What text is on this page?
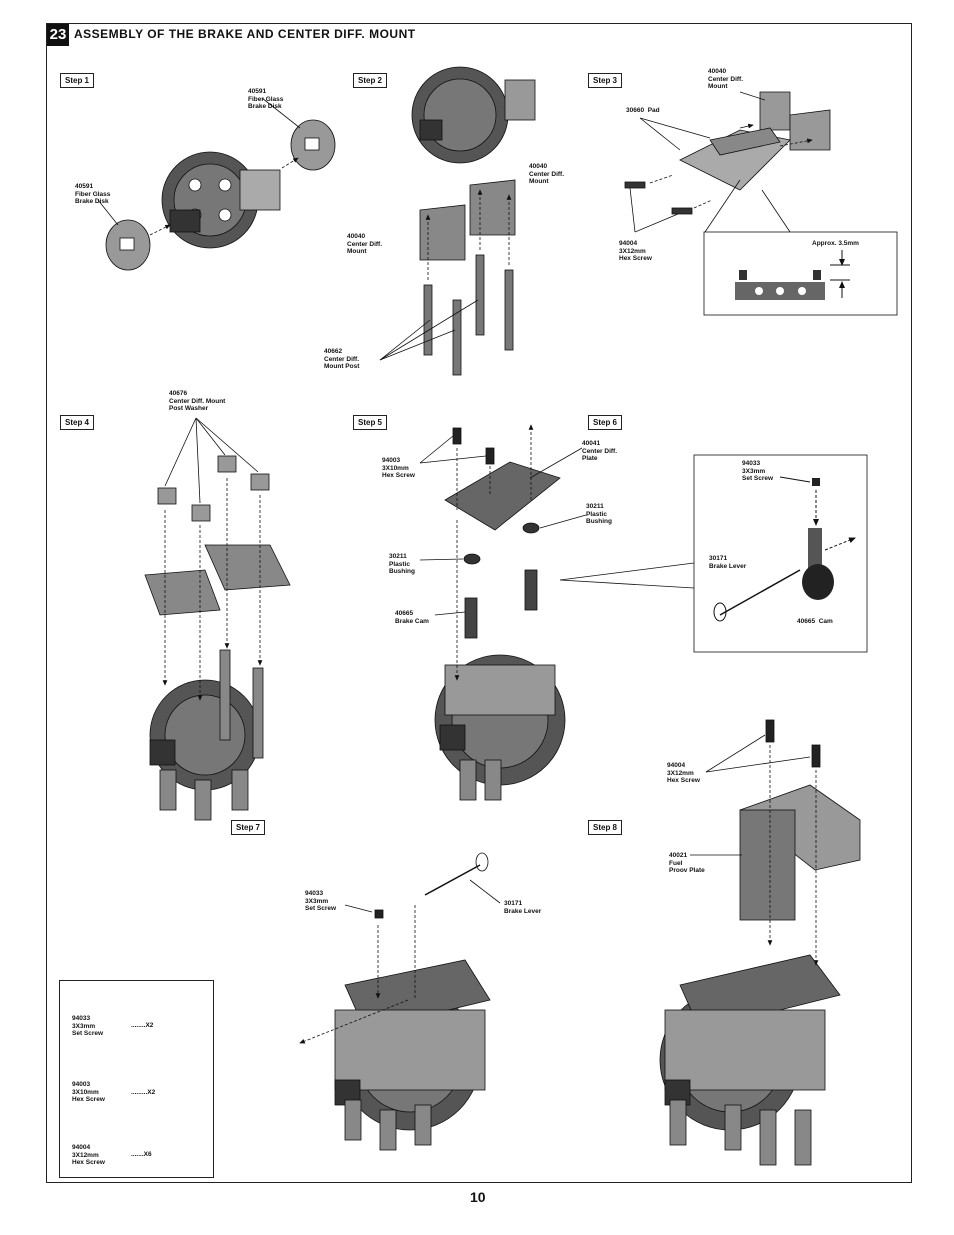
23 ASSEMBLY OF THE BRAKE AND CENTER DIFF. MOUNT
Step 1	Step 2	Step 3
Step 4	Step 5	Step 6
Step 7	Step 8
40591
Fiber Glass
Brake Disk
40591
Fiber Glass
Brake Disk
40040
Center Diff.
Mount
40040
Center Diff.
Mount
40662
Center Diff.
Mount Post
40040
Center Diff.
Mount
30660 Pad
94004
3X12mm
Hex Screw
Approx. 3.5mm
40676
Center Diff. Mount
Post Washer
94003
3X10mm
Hex Screw
40041
Center Diff.
Plate
30211
Plastic
Bushing
30211
Plastic
Bushing
40665
Brake Cam
94033
3X3mm
Set Screw
30171
Brake Lever
40665 Cam
94033
3X3mm
Set Screw
30171
Brake Lever
94004
3X12mm
Hex Screw
40021
Fuel
Proov Plate
94033
3X3mm
Set Screw
........X2
94003
3X10mm
Hex Screw
.........X2
94004
3X12mm
Hex Screw
.......X6
10
